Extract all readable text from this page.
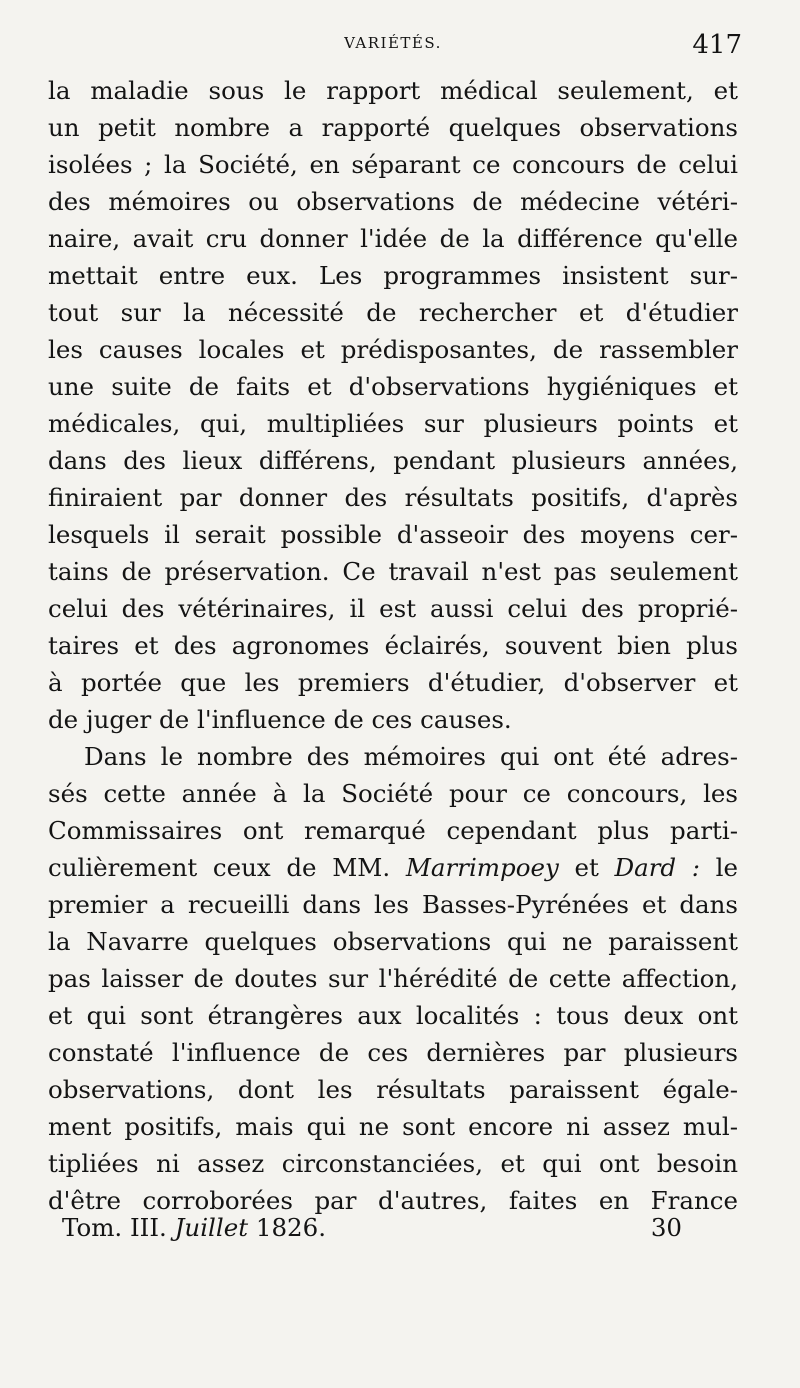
VARIÉTÉS.	417
la maladie sous le rapport médical seulement, et
un petit nombre a rapporté quelques observations
isolées ; la Société, en séparant ce concours de celui
des mémoires ou observations de médecine vétéri-
naire, avait cru donner l'idée de la différence qu'elle
mettait entre eux. Les programmes insistent sur-
tout sur la nécessité de rechercher et d'étudier
les causes locales et prédisposantes, de rassembler
une suite de faits et d'observations hygiéniques et
médicales, qui, multipliées sur plusieurs points et
dans des lieux différens, pendant plusieurs années,
finiraient par donner des résultats positifs, d'après
lesquels il serait possible d'asseoir des moyens cer-
tains de préservation. Ce travail n'est pas seulement
celui des vétérinaires, il est aussi celui des proprié-
taires et des agronomes éclairés, souvent bien plus
à portée que les premiers d'étudier, d'observer et
de juger de l'influence de ces causes.
Dans le nombre des mémoires qui ont été adres-
sés cette année à la Société pour ce concours, les
Commissaires ont remarqué cependant plus parti-
culièrement ceux de MM. Marrimpoey et Dard : le
premier a recueilli dans les Basses-Pyrénées et dans
la Navarre quelques observations qui ne paraissent
pas laisser de doutes sur l'hérédité de cette affection,
et qui sont étrangères aux localités : tous deux ont
constaté l'influence de ces dernières par plusieurs
observations, dont les résultats paraissent égale-
ment positifs, mais qui ne sont encore ni assez mul-
tipliées ni assez circonstanciées, et qui ont besoin
d'être corroborées par d'autres, faites en France
Tom. III. Juillet 1826.	30
